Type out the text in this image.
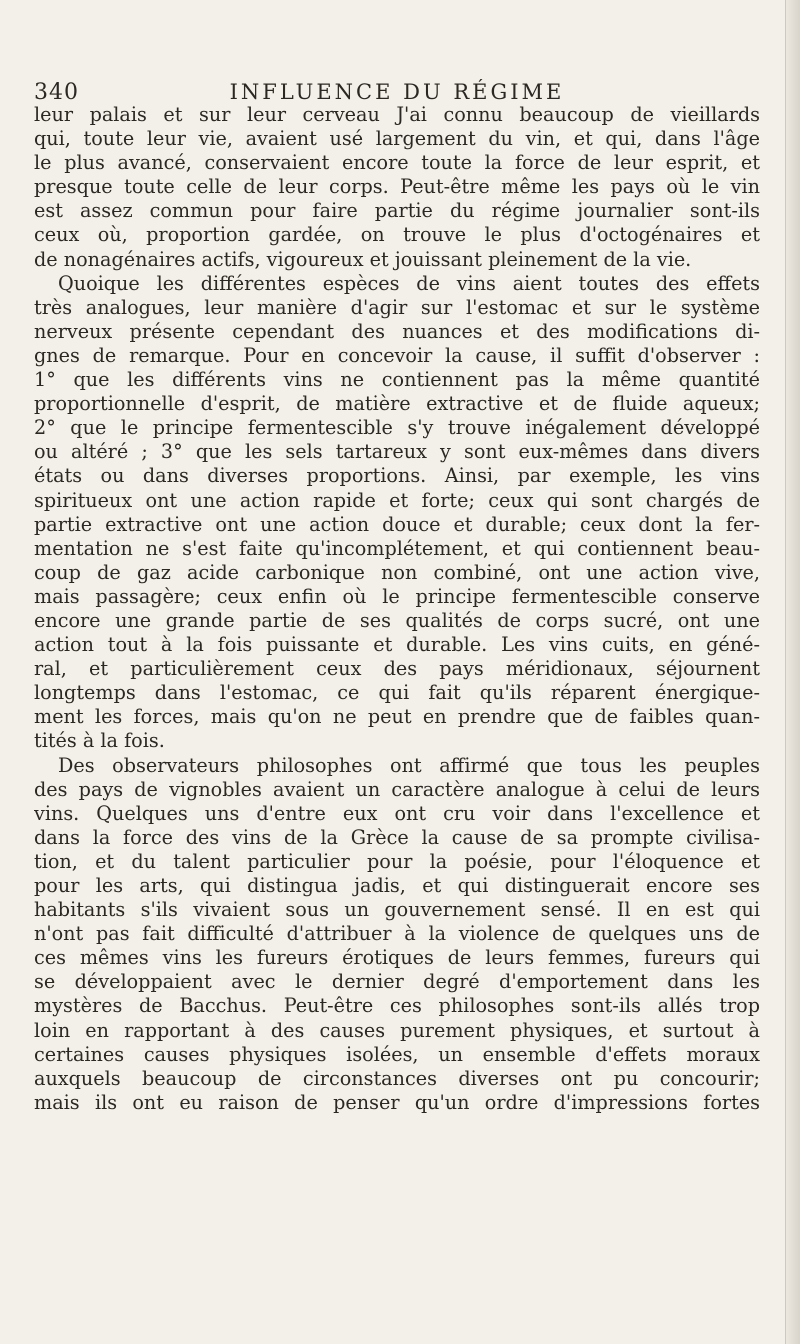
340	INFLUENCE DU RÉGIME
leur palais et sur leur cerveau J'ai connu beaucoup de vieillards
qui, toute leur vie, avaient usé largement du vin, et qui, dans l'âge
le plus avancé, conservaient encore toute la force de leur esprit, et
presque toute celle de leur corps. Peut-être même les pays où le vin
est assez commun pour faire partie du régime journalier sont-ils
ceux où, proportion gardée, on trouve le plus d'octogénaires et
de nonagénaires actifs, vigoureux et jouissant pleinement de la vie.
Quoique les différentes espèces de vins aient toutes des effets
très analogues, leur manière d'agir sur l'estomac et sur le système
nerveux présente cependant des nuances et des modifications di-
gnes de remarque. Pour en concevoir la cause, il suffit d'observer :
1° que les différents vins ne contiennent pas la même quantité
proportionnelle d'esprit, de matière extractive et de fluide aqueux;
2° que le principe fermentescible s'y trouve inégalement développé
ou altéré ; 3° que les sels tartareux y sont eux-mêmes dans divers
états ou dans diverses proportions. Ainsi, par exemple, les vins
spiritueux ont une action rapide et forte; ceux qui sont chargés de
partie extractive ont une action douce et durable; ceux dont la fer-
mentation ne s'est faite qu'incomplétement, et qui contiennent beau-
coup de gaz acide carbonique non combiné, ont une action vive,
mais passagère; ceux enfin où le principe fermentescible conserve
encore une grande partie de ses qualités de corps sucré, ont une
action tout à la fois puissante et durable. Les vins cuits, en géné-
ral, et particulièrement ceux des pays méridionaux, séjournent
longtemps dans l'estomac, ce qui fait qu'ils réparent énergique-
ment les forces, mais qu'on ne peut en prendre que de faibles quan-
tités à la fois.
Des observateurs philosophes ont affirmé que tous les peuples
des pays de vignobles avaient un caractère analogue à celui de leurs
vins. Quelques uns d'entre eux ont cru voir dans l'excellence et
dans la force des vins de la Grèce la cause de sa prompte civilisa-
tion, et du talent particulier pour la poésie, pour l'éloquence et
pour les arts, qui distingua jadis, et qui distinguerait encore ses
habitants s'ils vivaient sous un gouvernement sensé. Il en est qui
n'ont pas fait difficulté d'attribuer à la violence de quelques uns de
ces mêmes vins les fureurs érotiques de leurs femmes, fureurs qui
se développaient avec le dernier degré d'emportement dans les
mystères de Bacchus. Peut-être ces philosophes sont-ils allés trop
loin en rapportant à des causes purement physiques, et surtout à
certaines causes physiques isolées, un ensemble d'effets moraux
auxquels beaucoup de circonstances diverses ont pu concourir;
mais ils ont eu raison de penser qu'un ordre d'impressions fortes
